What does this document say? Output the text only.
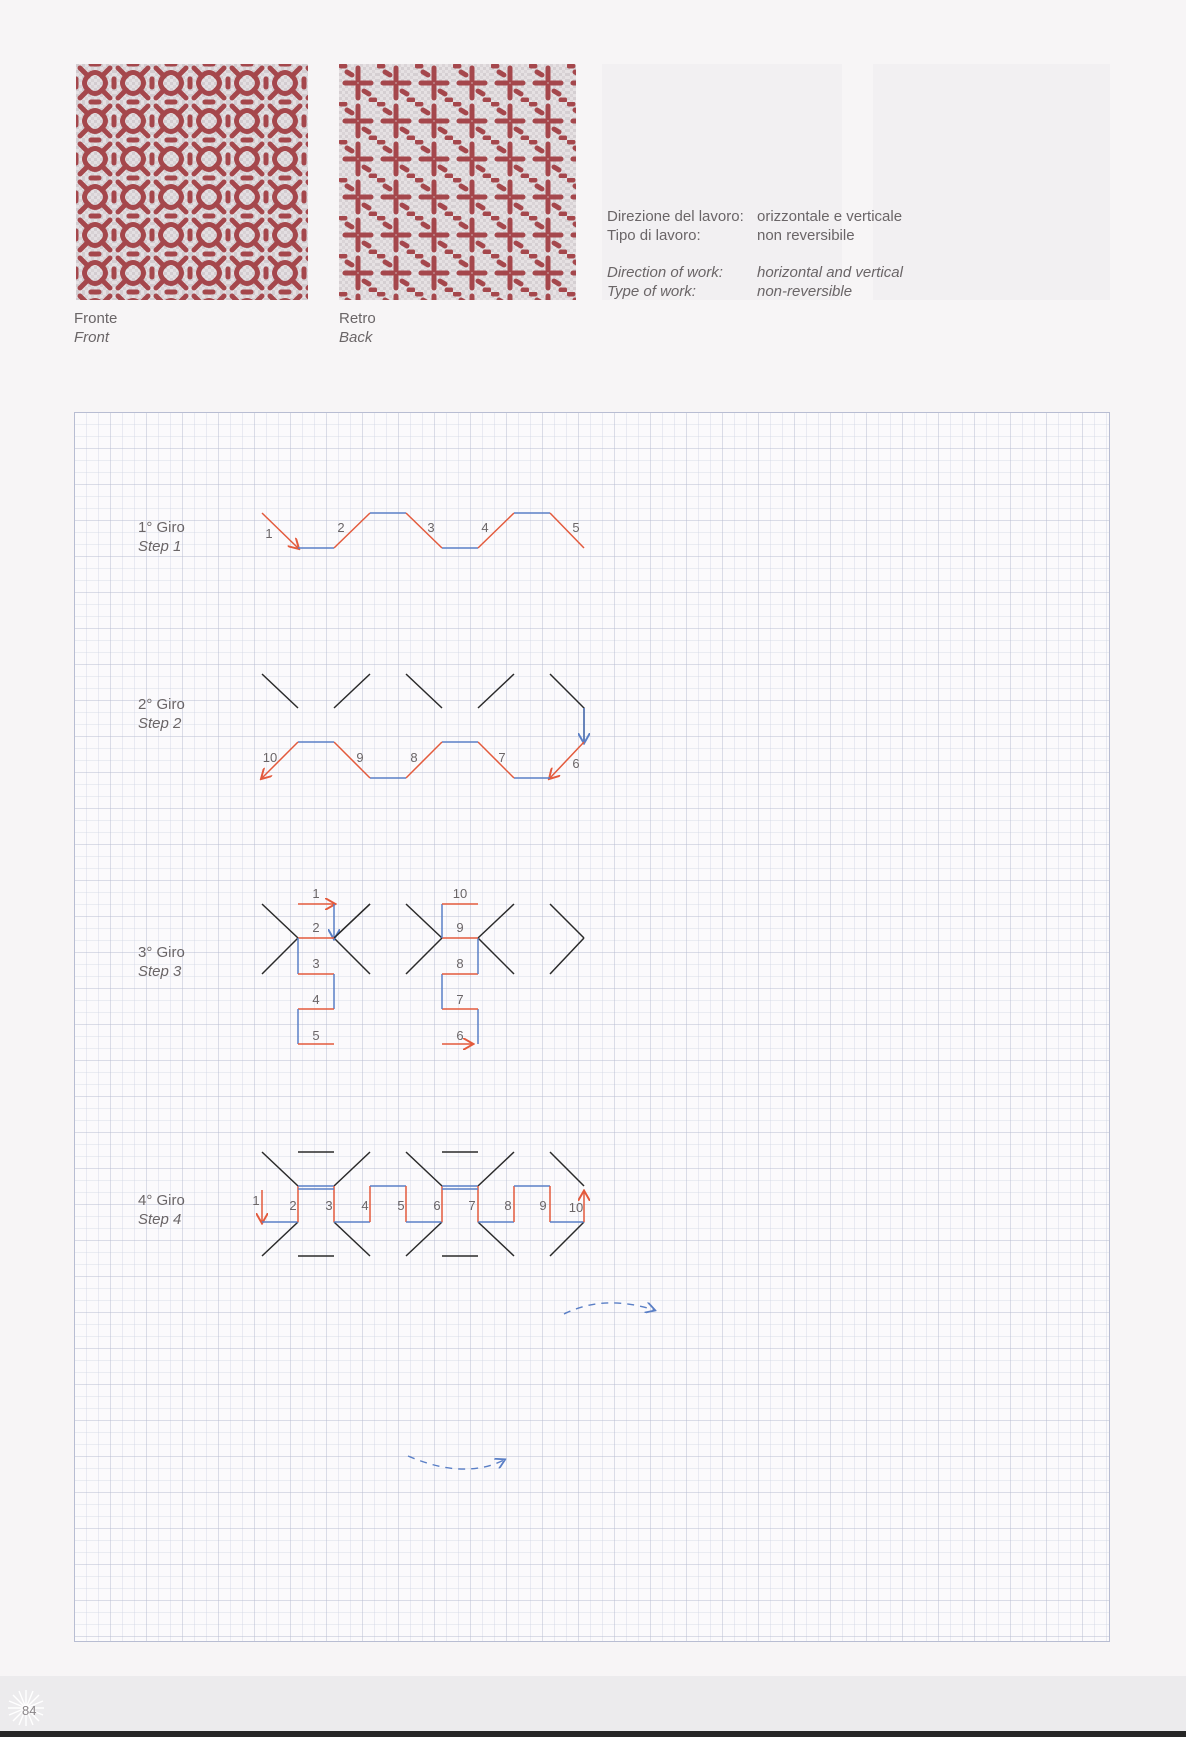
Fronte
Front
Retro
Back
Direzione del lavoro: orizzontale e verticale
Tipo di lavoro:	non reversibile
Direction of work:	horizontal and vertical
Type of work:	non-reversible
1	2	3	4	5
6
7
8
9
10
1
2
3
4
5	6
7
8
9
10
1 2 3 4 5 6 7 8 9 10
1° Giro
Step 1
2° Giro
Step 2
3° Giro
Step 3
4° Giro
Step 4
84
